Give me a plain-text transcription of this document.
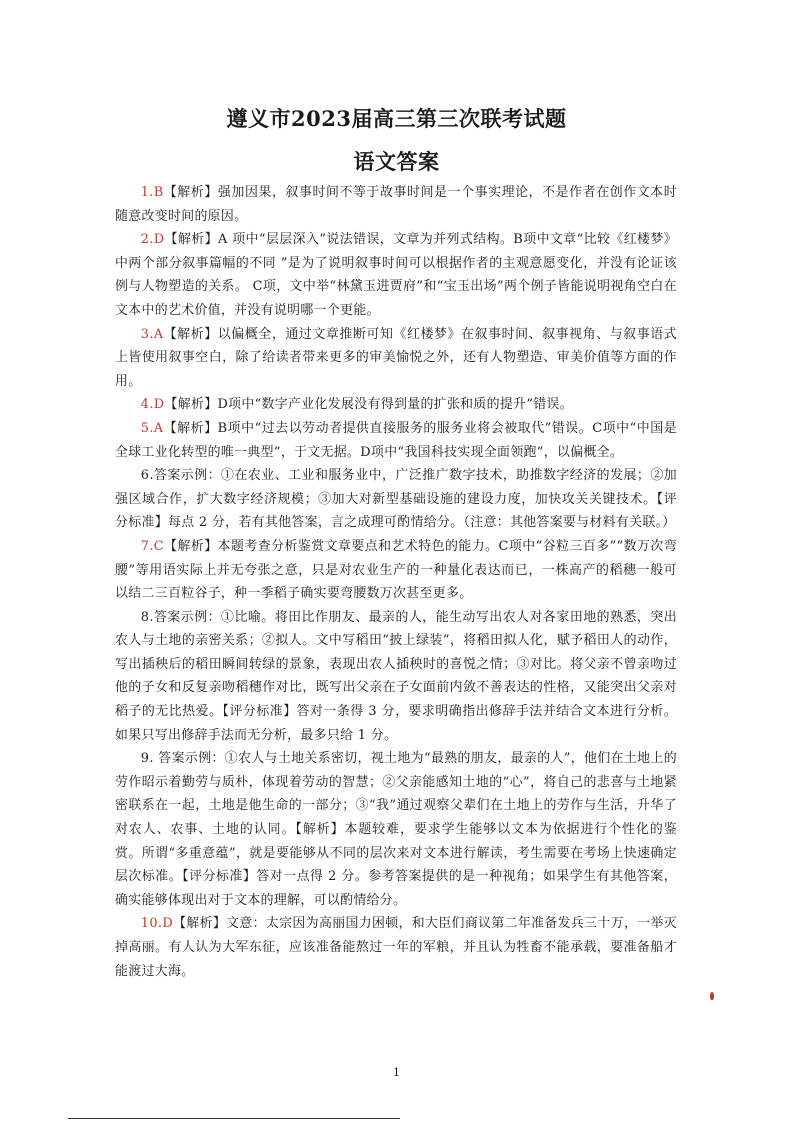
遵义市2023届高三第三次联考试题
语文答案

1.B【解析】强加因果，叙事时间不等于故事时间是一个事实理论，不是作者在创作文本时随意改变时间的原因。

2.D【解析】A 项中“层层深入”说法错误，文章为并列式结构。B项中文章“比较《红楼梦》中两个部分叙事篇幅的不同 ”是为了说明叙事时间可以根据作者的主观意愿变化，并没有论证该例与人物塑造的关系。 C项，文中举“林黛玉进贾府”和“宝玉出场”两个例子皆能说明视角空白在文本中的艺术价值，并没有说明哪一个更能。

3.A【解析】以偏概全，通过文章推断可知《红楼梦》在叙事时间、叙事视角、与叙事语式上皆使用叙事空白，除了给读者带来更多的审美愉悦之外，还有人物塑造、审美价值等方面的作用。

4.D【解析】D项中“数字产业化发展没有得到量的扩张和质的提升”错误。

5.A【解析】B项中“过去以劳动者提供直接服务的服务业将会被取代”错误。C项中“中国是全球工业化转型的唯一典型”，于文无据。D项中“我国科技实现全面领跑”，以偏概全。

6.答案示例：①在农业、工业和服务业中，广泛推广数字技术，助推数字经济的发展；②加强区域合作，扩大数字经济规模；③加大对新型基础设施的建设力度，加快攻关关键技术。【评分标准】每点 2 分，若有其他答案，言之成理可酌情给分。（注意：其他答案要与材料有关联。）

7.C【解析】本题考查分析鉴赏文章要点和艺术特色的能力。C项中“谷粒三百多”“数万次弯腰”等用语实际上并无夸张之意，只是对农业生产的一种量化表达而已，一株高产的稻穗一般可以结二三百粒谷子，种一季稻子确实要弯腰数万次甚至更多。

8.答案示例：①比喻。将田比作朋友、最亲的人，能生动写出农人对各家田地的熟悉，突出农人与土地的亲密关系；②拟人。文中写稻田“披上绿装”，将稻田拟人化，赋予稻田人的动作，写出插秧后的稻田瞬间转绿的景象，表现出农人插秧时的喜悦之情；③对比。将父亲不曾亲吻过他的子女和反复亲吻稻穗作对比，既写出父亲在子女面前内敛不善表达的性格，又能突出父亲对稻子的无比热爱。【评分标准】答对一条得 3 分，要求明确指出修辞手法并结合文本进行分析。如果只写出修辞手法而无分析，最多只给 1 分。

9. 答案示例：①农人与土地关系密切，视土地为“最熟的朋友，最亲的人”，他们在土地上的劳作昭示着勤劳与质朴，体现着劳动的智慧；②父亲能感知土地的“心”，将自己的悲喜与土地紧密联系在一起，土地是他生命的一部分；③“我”通过观察父辈们在土地上的劳作与生活，升华了对农人、农事、土地的认同。【解析】本题较难，要求学生能够以文本为依据进行个性化的鉴赏。所谓“多重意蕴”，就是要能够从不同的层次来对文本进行解读，考生需要在考场上快速确定层次标准。【评分标准】答对一点得 2 分。参考答案提供的是一种视角；如果学生有其他答案，确实能够体现出对于文本的理解，可以酌情给分。

10.D【解析】文意：太宗因为高丽国力困顿，和大臣们商议第二年准备发兵三十万，一举灭掉高丽。有人认为大军东征，应该准备能熬过一年的军粮，并且认为牲畜不能承载，要准备船才能渡过大海。

1
